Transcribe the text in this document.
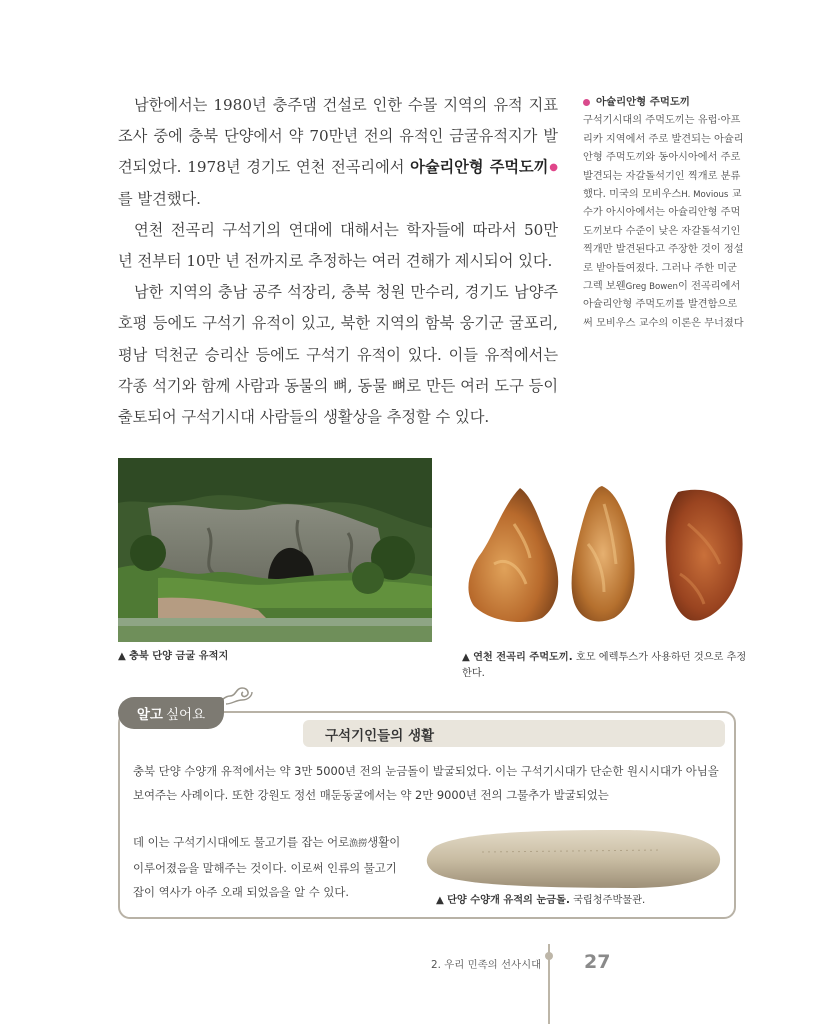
남한에서는 1980년 충주댐 건설로 인한 수몰 지역의 유적 지표 조사 중에 충북 단양에서 약 70만년 전의 유적인 금굴유적지가 발견되었다. 1978년 경기도 연천 전곡리에서 아슐리안형 주먹도끼●를 발견했다.

연천 전곡리 구석기의 연대에 대해서는 학자들에 따라서 50만 년 전부터 10만 년 전까지로 추정하는 여러 견해가 제시되어 있다.

남한 지역의 충남 공주 석장리, 충북 청원 만수리, 경기도 남양주 호평 등에도 구석기 유적이 있고, 북한 지역의 함북 웅기군 굴포리, 평남 덕천군 승리산 등에도 구석기 유적이 있다. 이들 유적에서는 각종 석기와 함께 사람과 동물의 뼈, 동물 뼈로 만든 여러 도구 등이 출토되어 구석기시대 사람들의 생활상을 추정할 수 있다.

아슐리안형 주먹도끼
구석기시대의 주먹도끼는 유럽·아프리카 지역에서 주로 발견되는 아슐리안형 주먹도끼와 동아시아에서 주로 발견되는 자갈돌석기인 찍개로 분류했다. 미국의 모비우스H. Movious 교수가 아시아에서는 아슐리안형 주먹도끼보다 수준이 낮은 자갈돌석기인 찍개만 발견된다고 주장한 것이 정설로 받아들여졌다. 그러나 주한 미군 그렉 보웬Greg Bowen이 전곡리에서 아슐리안형 주먹도끼를 발견함으로써 모비우스 교수의 이론은 무너졌다
▲ 충북 단양 금굴 유적지	▲ 연천 전곡리 주먹도끼. 호모 에렉투스가 사용하던 것으로 추정한다.
알고 싶어요
구석기인들의 생활
충북 단양 수양개 유적에서는 약 3만 5000년 전의 눈금돌이 발굴되었다. 이는 구석기시대가 단순한 원시시대가 아님을 보여주는 사례이다. 또한 강원도 정선 매둔동굴에서는 약 2만 9000년 전의 그물추가 발굴되었는
데 이는 구석기시대에도 물고기를 잡는 어로漁撈생활이 이루어졌음을 말해주는 것이다. 이로써 인류의 물고기잡이 역사가 아주 오래 되었음을 알 수 있다.
▲ 단양 수양개 유적의 눈금돌. 국립청주박물관.
2. 우리 민족의 선사시대 27
